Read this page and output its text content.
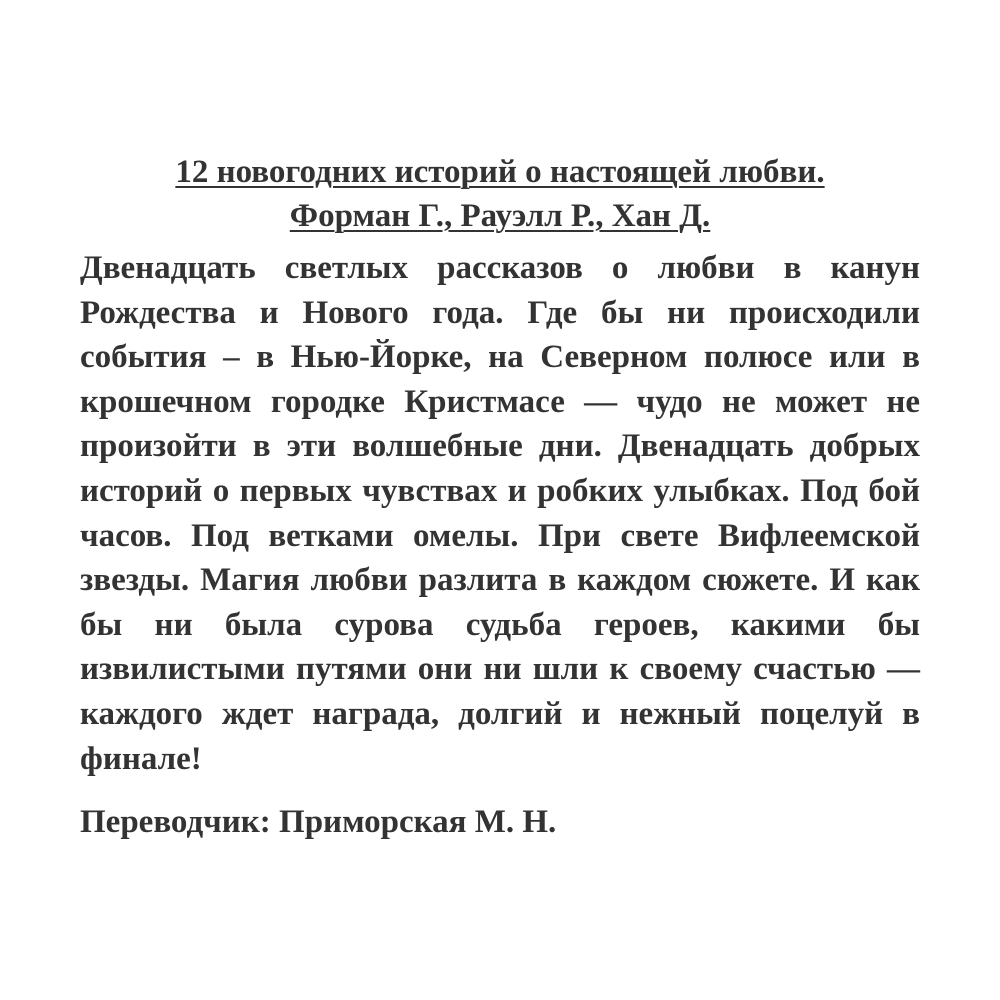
12 новогодних историй о настоящей любви.
Форман Г., Рауэлл Р., Хан Д.

Двенадцать светлых рассказов о любви в канун Рождества и Нового года. Где бы ни происходили события – в Нью-Йорке, на Северном полюсе или в крошечном городке Кристмасе — чудо не может не произойти в эти волшебные дни. Двенадцать добрых историй о первых чувствах и робких улыбках. Под бой часов. Под ветками омелы. При свете Вифлеемской звезды. Магия любви разлита в каждом сюжете. И как бы ни была сурова судьба героев, какими бы извилистыми путями они ни шли к своему счастью — каждого ждет награда, долгий и нежный поцелуй в финале!

Переводчик: Приморская М. Н.
